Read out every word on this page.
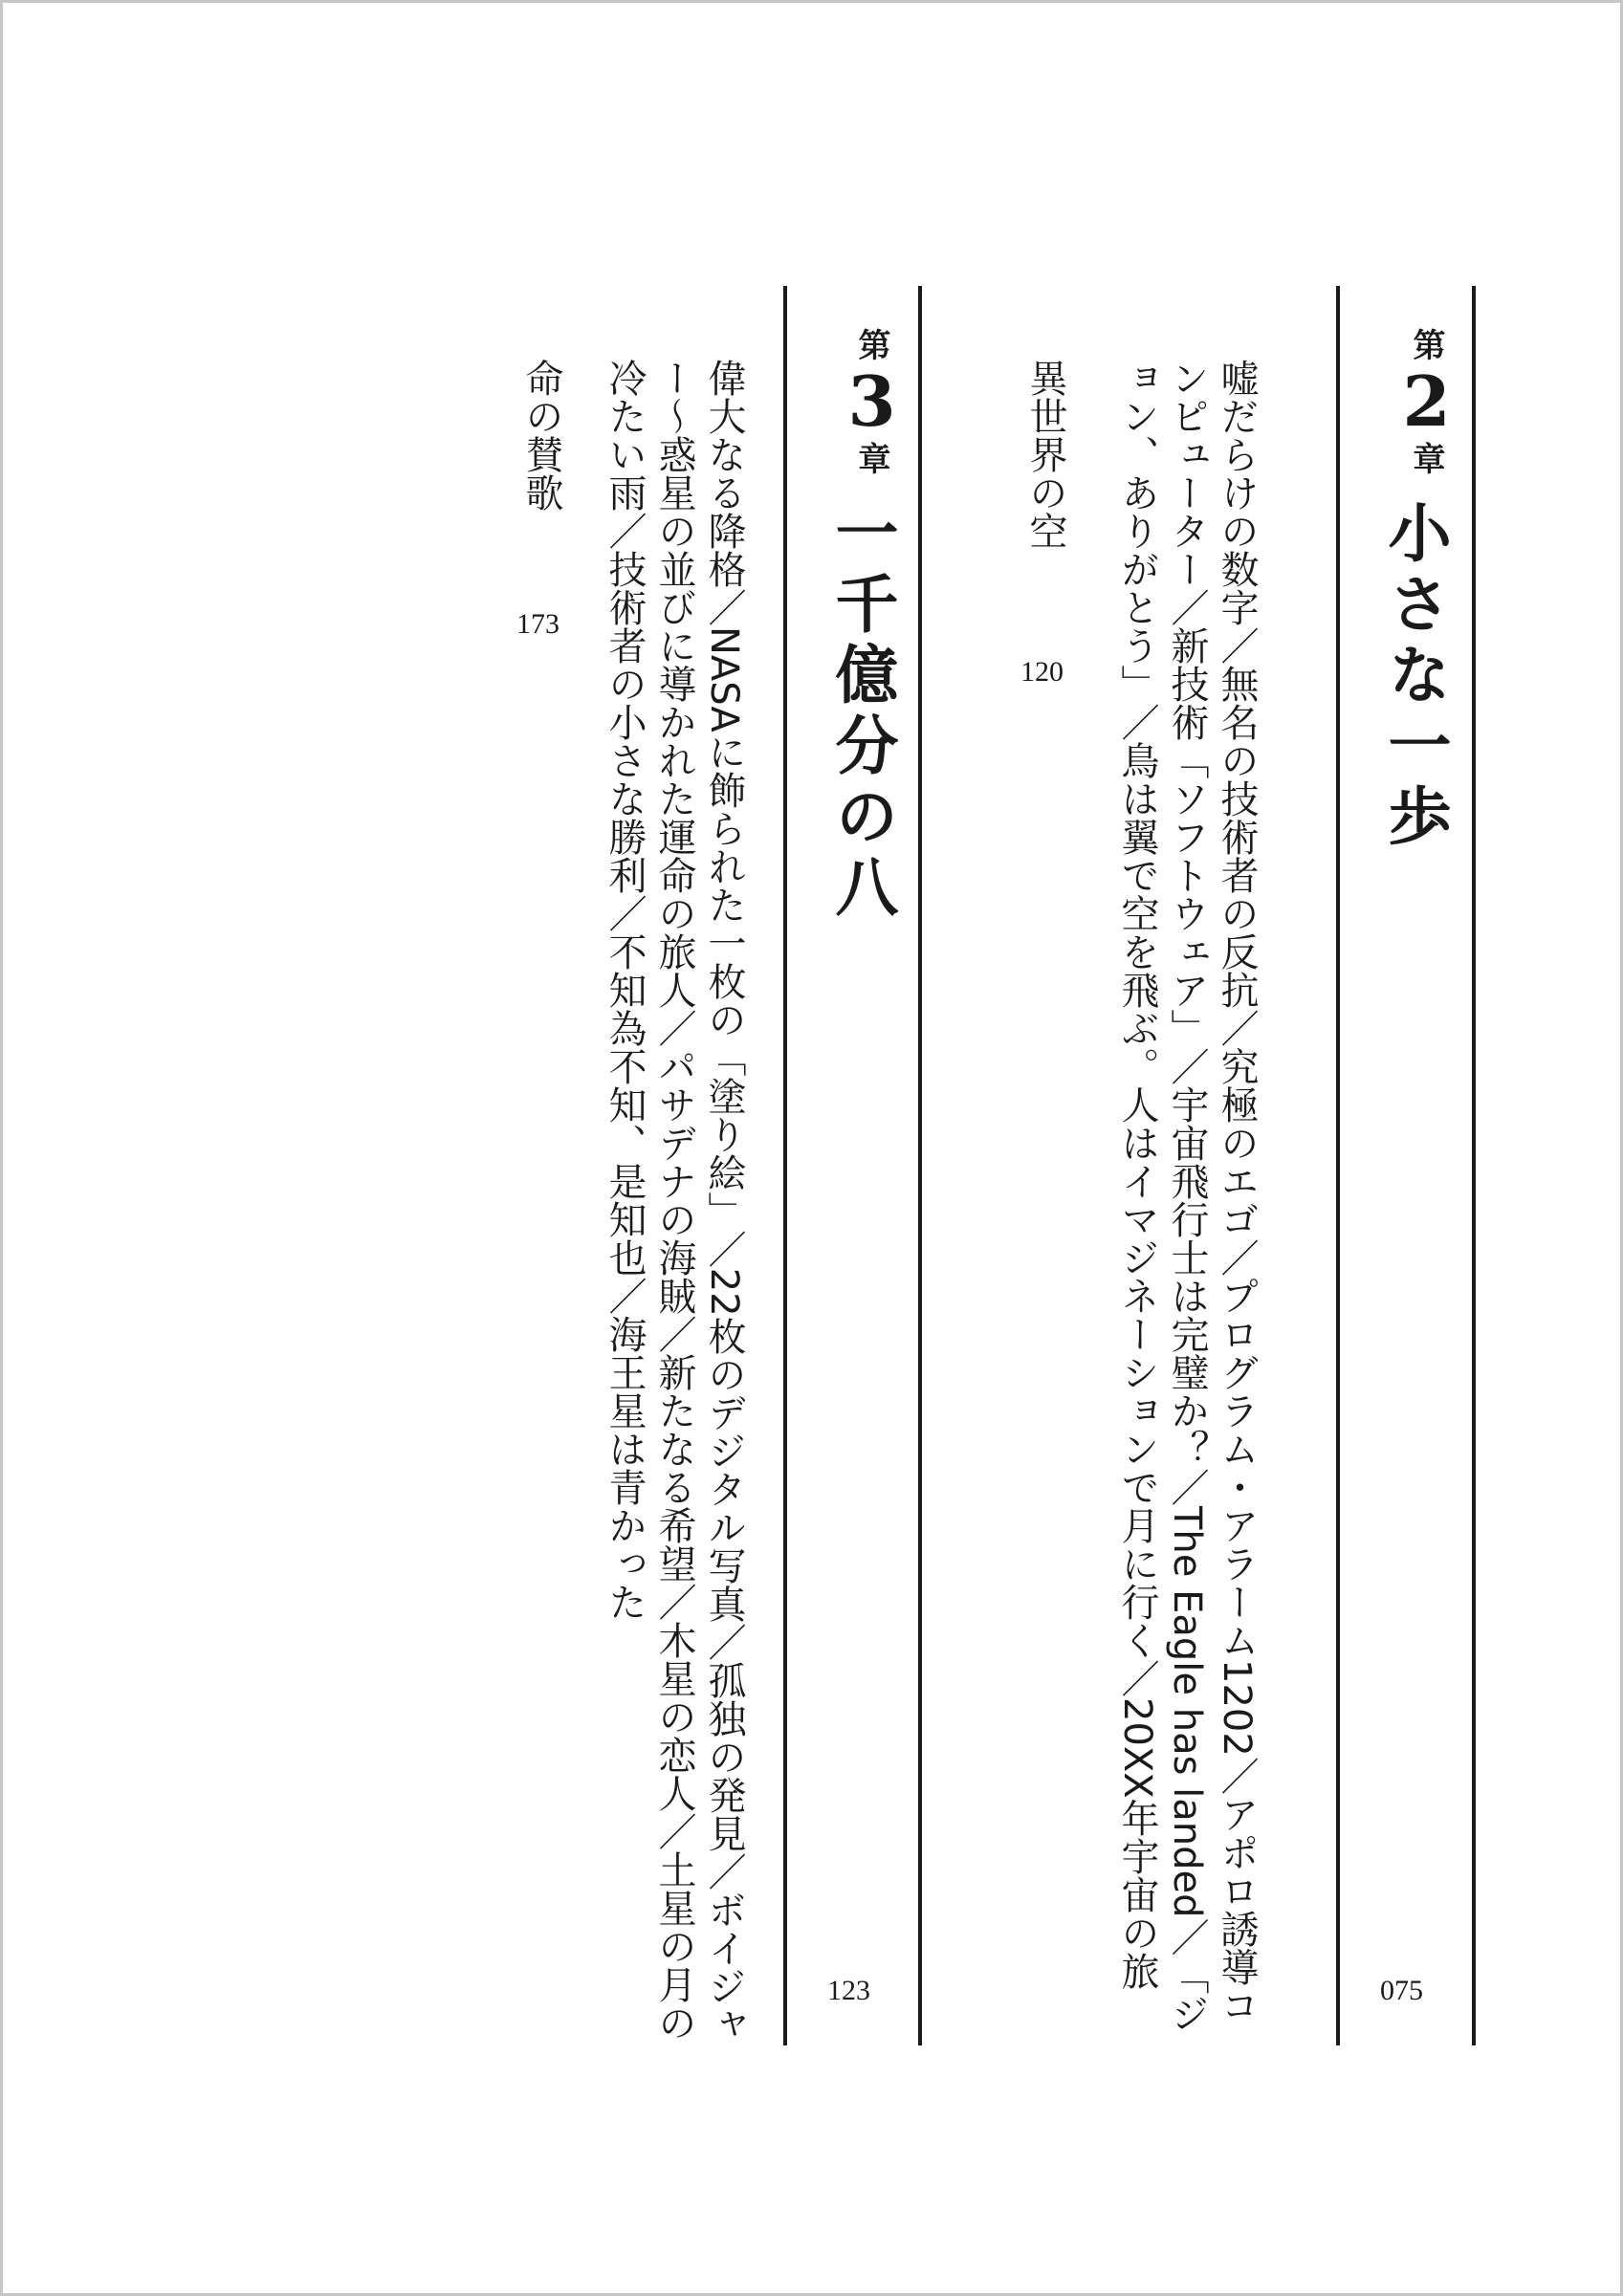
第2章
小さな一歩
075
嘘だらけの数字／無名の技術者の反抗／究極のエゴ／プログラム・アラーム1202／アポロ誘導コンピューター／新技術「ソフトウェア」／宇宙飛行士は完璧か？／The Eagle has landed／「ジョン、ありがとう」／鳥は翼で空を飛ぶ。人はイマジネーションで月に行く／20XX年宇宙の旅
異世界の空
120
第3章
一千億分の八
123
偉大なる降格／NASAに飾られた一枚の「塗り絵」／22枚のデジタル写真／孤独の発見／ボイジャー〜惑星の並びに導かれた運命の旅人／パサデナの海賊／新たなる希望／木星の恋人／土星の月の冷たい雨／技術者の小さな勝利／不知為不知、是知也／海王星は青かった
命の賛歌
173
